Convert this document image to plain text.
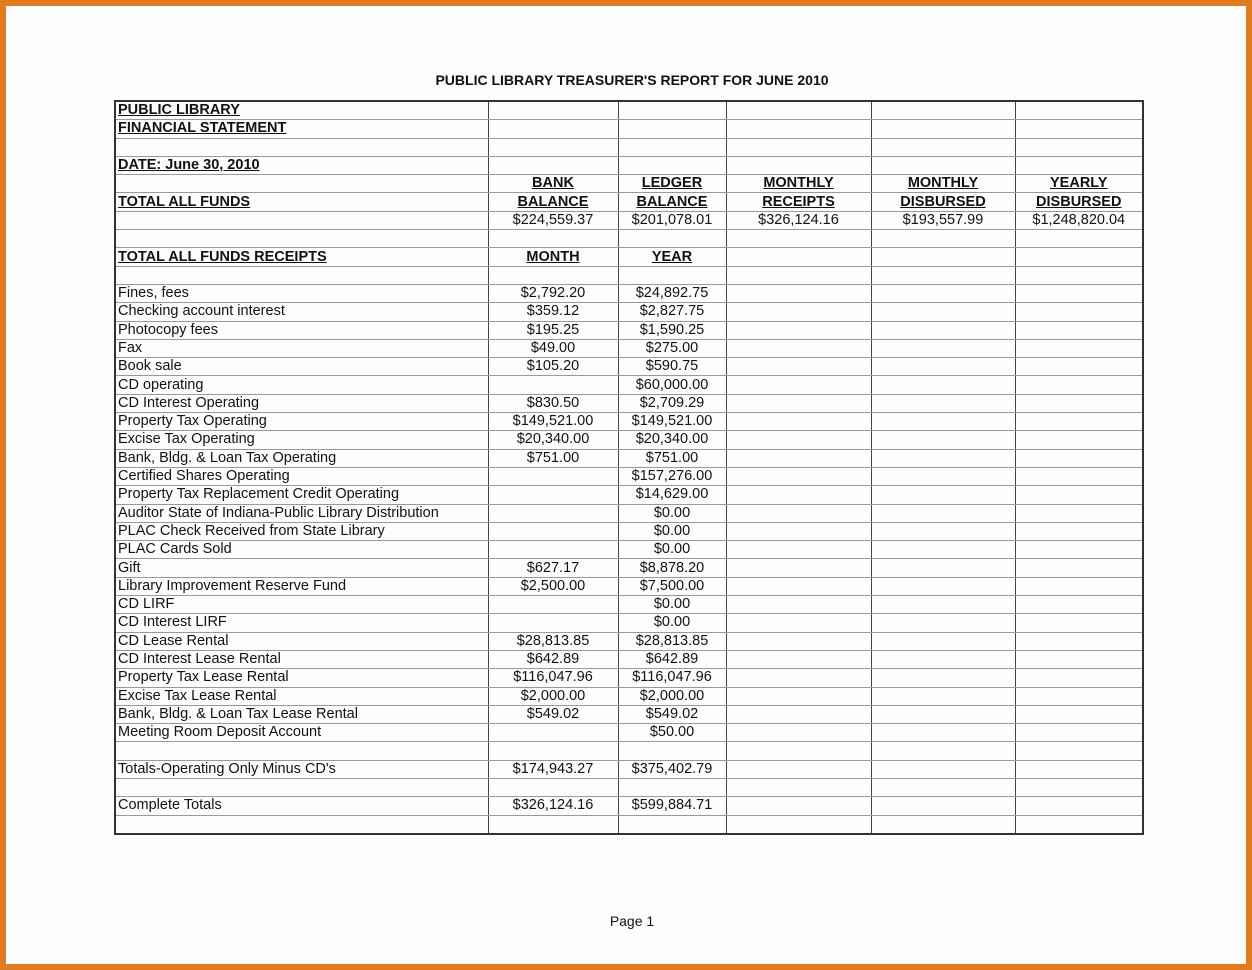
PUBLIC LIBRARY TREASURER'S REPORT FOR JUNE 2010
PUBLIC LIBRARY					
FINANCIAL STATEMENT					

DATE: June 30, 2010					
	BANK	LEDGER	MONTHLY	MONTHLY	YEARLY
TOTAL ALL FUNDS	BALANCE	BALANCE	RECEIPTS	DISBURSED	DISBURSED
	$224,559.37	$201,078.01	$326,124.16	$193,557.99	$1,248,820.04

TOTAL ALL FUNDS RECEIPTS	MONTH	YEAR			

Fines, fees	$2,792.20	$24,892.75			
Checking account interest	$359.12	$2,827.75			
Photocopy fees	$195.25	$1,590.25			
Fax	$49.00	$275.00			
Book sale	$105.20	$590.75			
CD operating		$60,000.00			
CD Interest Operating	$830.50	$2,709.29			
Property Tax Operating	$149,521.00	$149,521.00			
Excise Tax Operating	$20,340.00	$20,340.00			
Bank, Bldg. & Loan Tax Operating	$751.00	$751.00			
Certified Shares Operating		$157,276.00			
Property Tax Replacement Credit Operating		$14,629.00			
Auditor State of Indiana-Public Library Distribution		$0.00			
PLAC Check Received from State Library		$0.00			
PLAC Cards Sold		$0.00			
Gift	$627.17	$8,878.20			
Library Improvement Reserve Fund	$2,500.00	$7,500.00			
CD LIRF		$0.00			
CD Interest LIRF		$0.00			
CD Lease Rental	$28,813.85	$28,813.85			
CD Interest Lease Rental	$642.89	$642.89			
Property Tax Lease Rental	$116,047.96	$116,047.96			
Excise Tax Lease Rental	$2,000.00	$2,000.00			
Bank, Bldg. & Loan Tax Lease Rental	$549.02	$549.02			
Meeting Room Deposit Account		$50.00			

Totals-Operating Only Minus CD's	$174,943.27	$375,402.79			

Complete Totals	$326,124.16	$599,884.71			

Page 1
